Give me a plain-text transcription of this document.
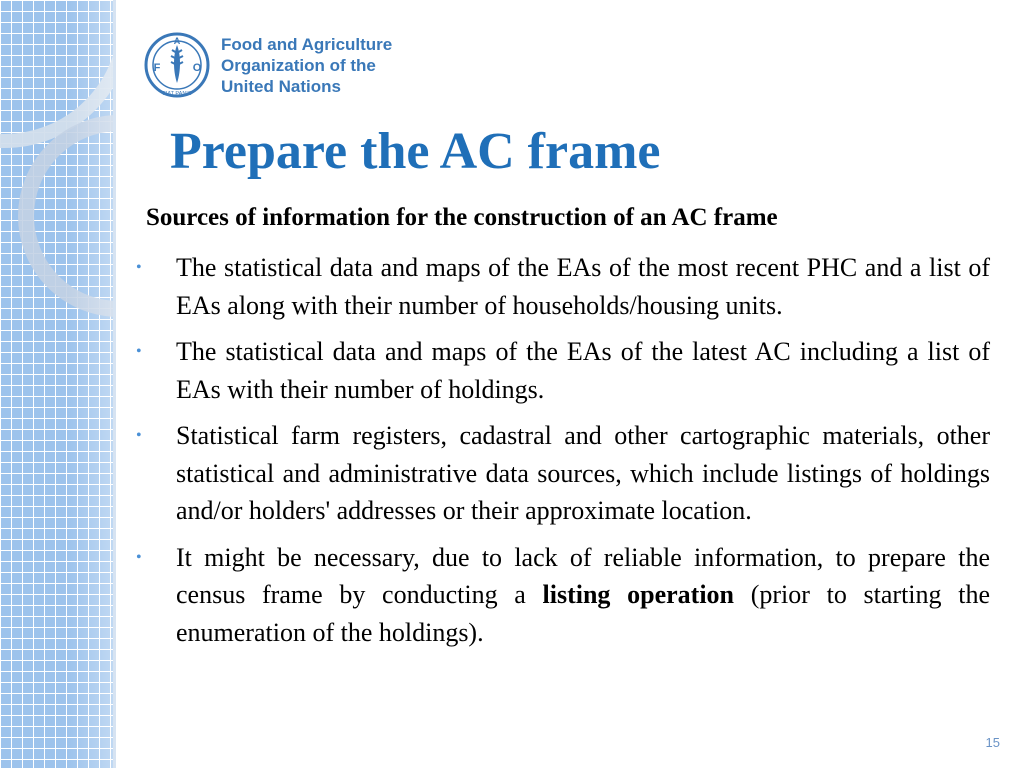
A
F	O
FIAT PANIS
Food and Agriculture
Organization of the
United Nations
Prepare the AC frame

Sources of information for the construction of an AC frame

• The statistical data and maps of the EAs of the most recent PHC and a list of EAs along with their number of households/housing units.
• The statistical data and maps of the EAs of the latest AC including a list of EAs with their number of holdings.
• Statistical farm registers, cadastral and other cartographic materials, other statistical and administrative data sources, which include listings of holdings and/or holders' addresses or their approximate location.
• It might be necessary, due to lack of reliable information, to prepare the census frame by conducting a listing operation (prior to starting the enumeration of the holdings).
15
